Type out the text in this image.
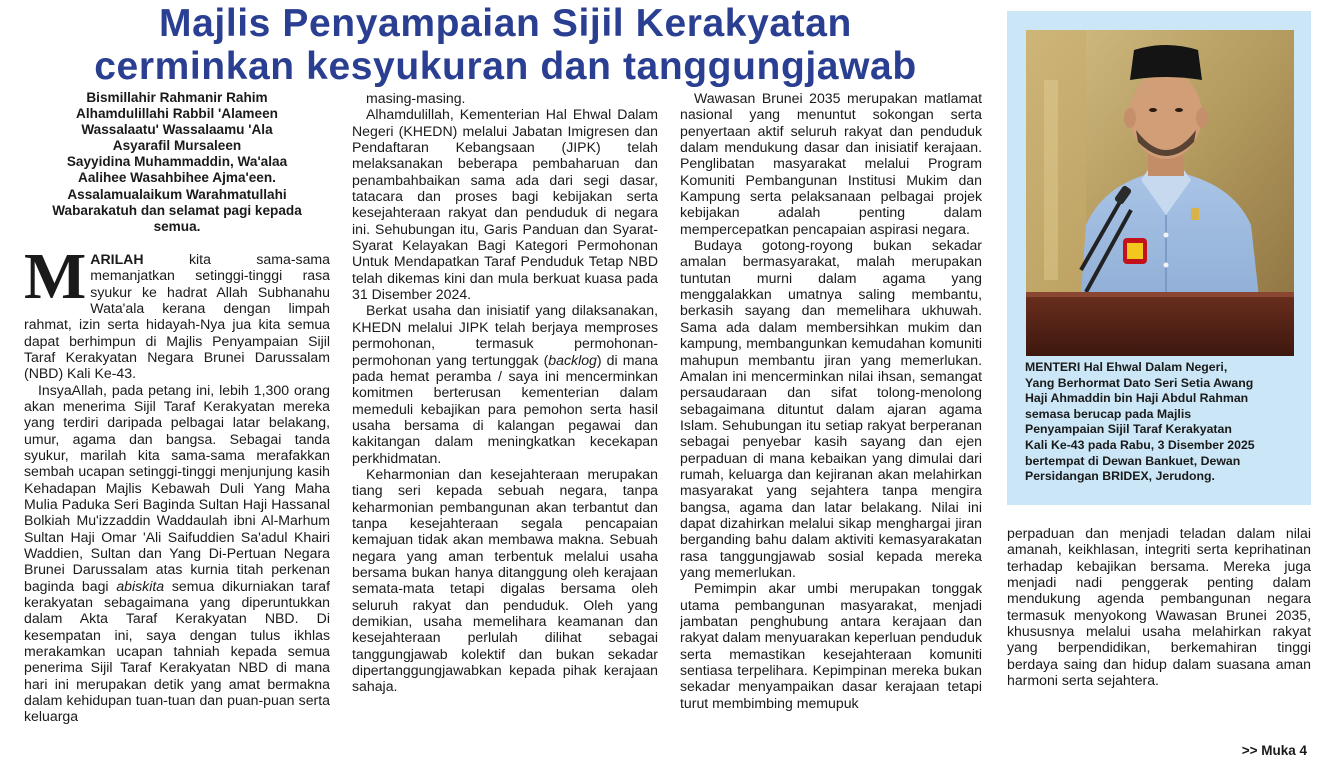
Majlis Penyampaian Sijil Kerakyatan
cerminkan kesyukuran dan tanggungjawab
Bismillahir Rahmanir Rahim
Alhamdulillahi Rabbil 'Alameen
Wassalaatu' Wassalaamu 'Ala
Asyarafil Mursaleen
Sayyidina Muhammaddin, Wa'alaa
Aalihee Wasahbihee Ajma'een.
Assalamualaikum Warahmatullahi
Wabarakatuh dan selamat pagi kepada
semua.

MARILAH kita sama-sama memanjatkan setinggi-tinggi rasa syukur ke hadrat Allah Subhanahu Wata'ala kerana dengan limpah rahmat, izin serta hidayah-Nya jua kita semua dapat berhimpun di Majlis Penyampaian Sijil Taraf Kerakyatan Negara Brunei Darussalam (NBD) Kali Ke-43.

InsyaAllah, pada petang ini, lebih 1,300 orang akan menerima Sijil Taraf Kerakyatan mereka yang terdiri daripada pelbagai latar belakang, umur, agama dan bangsa. Sebagai tanda syukur, marilah kita sama-sama merafakkan sembah ucapan setinggi-tinggi menjunjung kasih Kehadapan Majlis Kebawah Duli Yang Maha Mulia Paduka Seri Baginda Sultan Haji Hassanal Bolkiah Mu'izzaddin Waddaulah ibni Al-Marhum Sultan Haji Omar 'Ali Saifuddien Sa'adul Khairi Waddien, Sultan dan Yang Di-Pertuan Negara Brunei Darussalam atas kurnia titah perkenan baginda bagi abiskita semua dikurniakan taraf kerakyatan sebagaimana yang diperuntukkan dalam Akta Taraf Kerakyatan NBD. Di kesempatan ini, saya dengan tulus ikhlas merakamkan ucapan tahniah kepada semua penerima Sijil Taraf Kerakyatan NBD di mana hari ini merupakan detik yang amat bermakna dalam kehidupan tuan-tuan dan puan-puan serta keluarga

masing-masing.

Alhamdulillah, Kementerian Hal Ehwal Dalam Negeri (KHEDN) melalui Jabatan Imigresen dan Pendaftaran Kebangsaan (JIPK) telah melaksanakan beberapa pembaharuan dan penambahbaikan sama ada dari segi dasar, tatacara dan proses bagi kebijakan serta kesejahteraan rakyat dan penduduk di negara ini. Sehubungan itu, Garis Panduan dan Syarat-Syarat Kelayakan Bagi Kategori Permohonan Untuk Mendapatkan Taraf Penduduk Tetap NBD telah dikemas kini dan mula berkuat kuasa pada 31 Disember 2024.

Berkat usaha dan inisiatif yang dilaksanakan, KHEDN melalui JIPK telah berjaya memproses permohonan, termasuk permohonan-permohonan yang tertunggak (backlog) di mana pada hemat peramba / saya ini mencerminkan komitmen berterusan kementerian dalam memeduli kebajikan para pemohon serta hasil usaha bersama di kalangan pegawai dan kakitangan dalam meningkatkan kecekapan perkhidmatan.

Keharmonian dan kesejahteraan merupakan tiang seri kepada sebuah negara, tanpa keharmonian pembangunan akan terbantut dan tanpa kesejahteraan segala pencapaian kemajuan tidak akan membawa makna. Sebuah negara yang aman terbentuk melalui usaha bersama bukan hanya ditanggung oleh kerajaan semata-mata tetapi digalas bersama oleh seluruh rakyat dan penduduk. Oleh yang demikian, usaha memelihara keamanan dan kesejahteraan perlulah dilihat sebagai tanggungjawab kolektif dan bukan sekadar dipertanggungjawabkan kepada pihak kerajaan sahaja.

Wawasan Brunei 2035 merupakan matlamat nasional yang menuntut sokongan serta penyertaan aktif seluruh rakyat dan penduduk dalam mendukung dasar dan inisiatif kerajaan. Penglibatan masyarakat melalui Program Komuniti Pembangunan Institusi Mukim dan Kampung serta pelaksanaan pelbagai projek kebijakan adalah penting dalam mempercepatkan pencapaian aspirasi negara.

Budaya gotong-royong bukan sekadar amalan bermasyarakat, malah merupakan tuntutan murni dalam agama yang menggalakkan umatnya saling membantu, berkasih sayang dan memelihara ukhuwah. Sama ada dalam membersihkan mukim dan kampung, membangunkan kemudahan komuniti mahupun membantu jiran yang memerlukan. Amalan ini mencerminkan nilai ihsan, semangat persaudaraan dan sifat tolong-menolong sebagaimana dituntut dalam ajaran agama Islam. Sehubungan itu setiap rakyat berperanan sebagai penyebar kasih sayang dan ejen perpaduan di mana kebaikan yang dimulai dari rumah, keluarga dan kejiranan akan melahirkan masyarakat yang sejahtera tanpa mengira bangsa, agama dan latar belakang. Nilai ini dapat dizahirkan melalui sikap menghargai jiran berganding bahu dalam aktiviti kemasyarakatan rasa tanggungjawab sosial kepada mereka yang memerlukan.

Pemimpin akar umbi merupakan tonggak utama pembangunan masyarakat, menjadi jambatan penghubung antara kerajaan dan rakyat dalam menyuarakan keperluan penduduk serta memastikan kesejahteraan komuniti sentiasa terpelihara. Kepimpinan mereka bukan sekadar menyampaikan dasar kerajaan tetapi turut membimbing memupuk

MENTERI Hal Ehwal Dalam Negeri,
Yang Berhormat Dato Seri Setia Awang
Haji Ahmaddin bin Haji Abdul Rahman
semasa berucap pada Majlis
Penyampaian Sijil Taraf Kerakyatan
Kali Ke-43 pada Rabu, 3 Disember 2025
bertempat di Dewan Bankuet, Dewan
Persidangan BRIDEX, Jerudong.

perpaduan dan menjadi teladan dalam nilai amanah, keikhlasan, integriti serta keprihatinan terhadap kebajikan bersama. Mereka juga menjadi nadi penggerak penting dalam mendukung agenda pembangunan negara termasuk menyokong Wawasan Brunei 2035, khususnya melalui usaha melahirkan rakyat yang berpendidikan, berkemahiran tinggi berdaya saing dan hidup dalam suasana aman harmoni serta sejahtera.

>> Muka 4
